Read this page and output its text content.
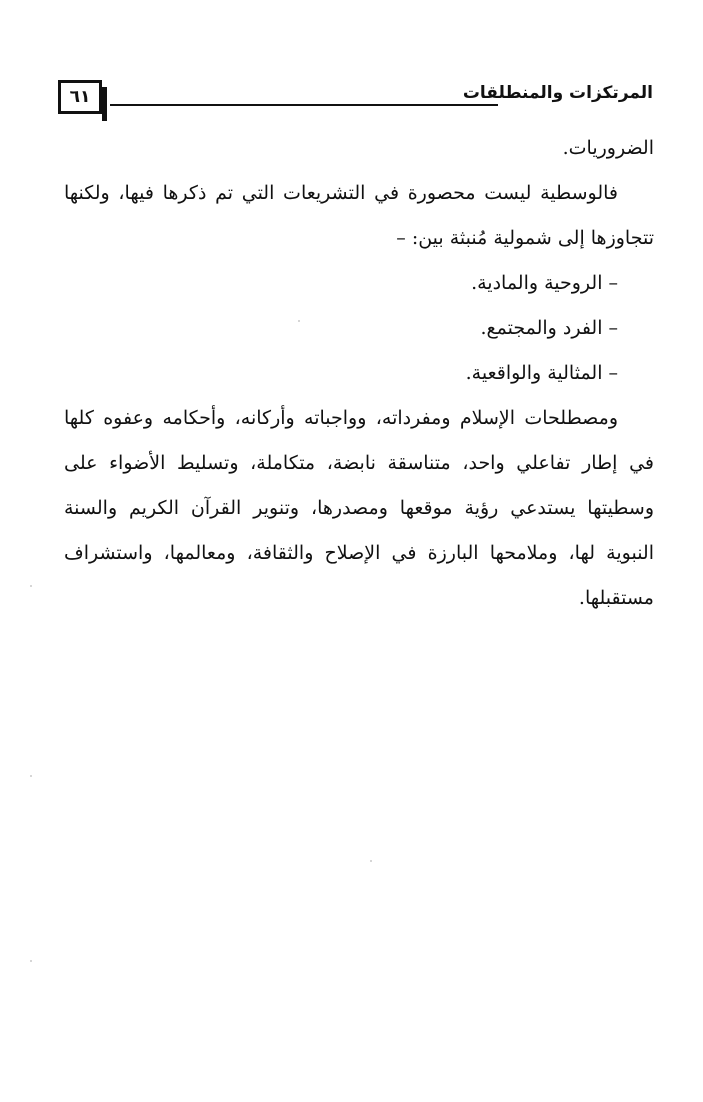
٦١	المرتكزات والمنطلقات

الضروريات.

فالوسطية ليست محصورة في التشريعات التي تم ذكرها فيها، ولكنها تتجاوزها إلى شمولية مُنبثة بين: –

–الروحية والمادية.

–الفرد والمجتمع.

–المثالية والواقعية.

ومصطلحات الإسلام ومفرداته، وواجباته وأركانه، وأحكامه وعفوه كلها في إطار تفاعلي واحد، متناسقة نابضة، متكاملة، وتسليط الأضواء على وسطيتها يستدعي رؤية موقعها ومصدرها، وتنوير القرآن الكريم والسنة النبوية لها، وملامحها البارزة في الإصلاح والثقافة، ومعالمها، واستشراف مستقبلها.
